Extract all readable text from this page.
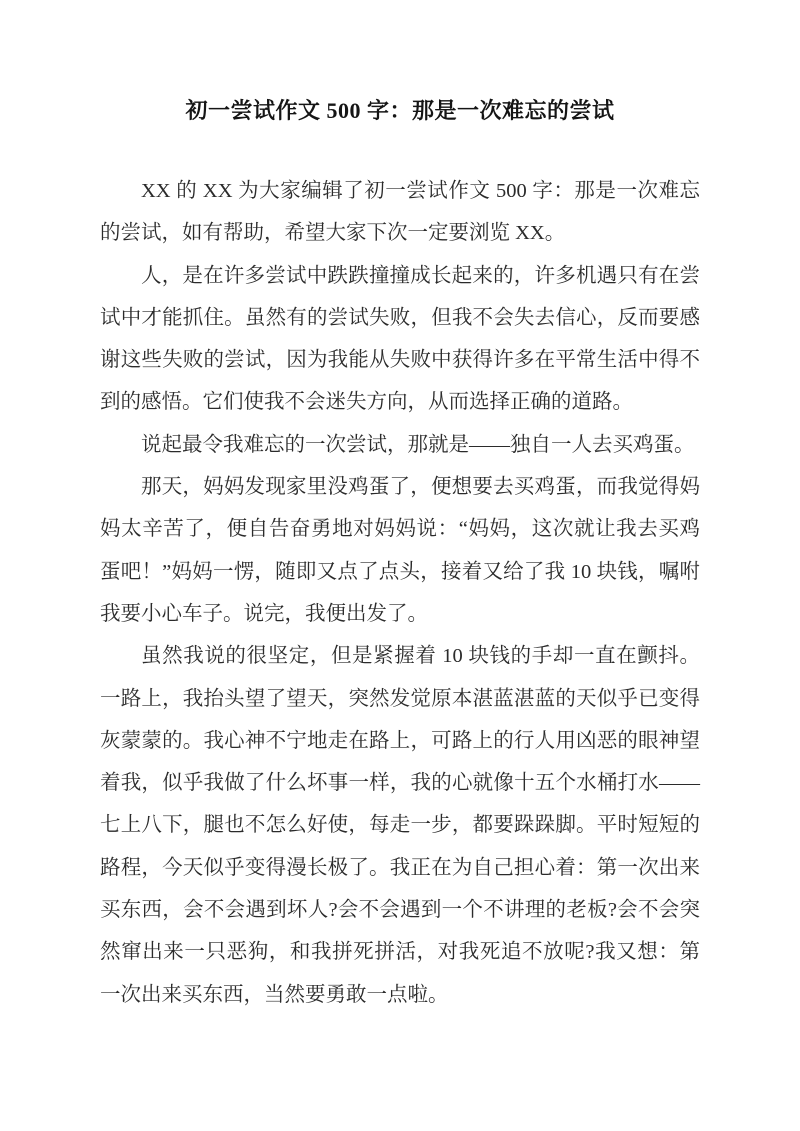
初一尝试作文 500 字：那是一次难忘的尝试

XX 的 XX 为大家编辑了初一尝试作文 500 字：那是一次难忘的尝试，如有帮助，希望大家下次一定要浏览 XX。

人，是在许多尝试中跌跌撞撞成长起来的，许多机遇只有在尝试中才能抓住。虽然有的尝试失败，但我不会失去信心，反而要感谢这些失败的尝试，因为我能从失败中获得许多在平常生活中得不到的感悟。它们使我不会迷失方向，从而选择正确的道路。

说起最令我难忘的一次尝试，那就是——独自一人去买鸡蛋。

那天，妈妈发现家里没鸡蛋了，便想要去买鸡蛋，而我觉得妈妈太辛苦了，便自告奋勇地对妈妈说：“妈妈，这次就让我去买鸡蛋吧！”妈妈一愣，随即又点了点头，接着又给了我 10 块钱，嘱咐我要小心车子。说完，我便出发了。

虽然我说的很坚定，但是紧握着 10 块钱的手却一直在颤抖。一路上，我抬头望了望天，突然发觉原本湛蓝湛蓝的天似乎已变得灰蒙蒙的。我心神不宁地走在路上，可路上的行人用凶恶的眼神望着我，似乎我做了什么坏事一样，我的心就像十五个水桶打水——七上八下，腿也不怎么好使，每走一步，都要跺跺脚。平时短短的路程，今天似乎变得漫长极了。我正在为自己担心着：第一次出来买东西，会不会遇到坏人?会不会遇到一个不讲理的老板?会不会突然窜出来一只恶狗，和我拼死拼活，对我死追不放呢?我又想：第一次出来买东西，当然要勇敢一点啦。
